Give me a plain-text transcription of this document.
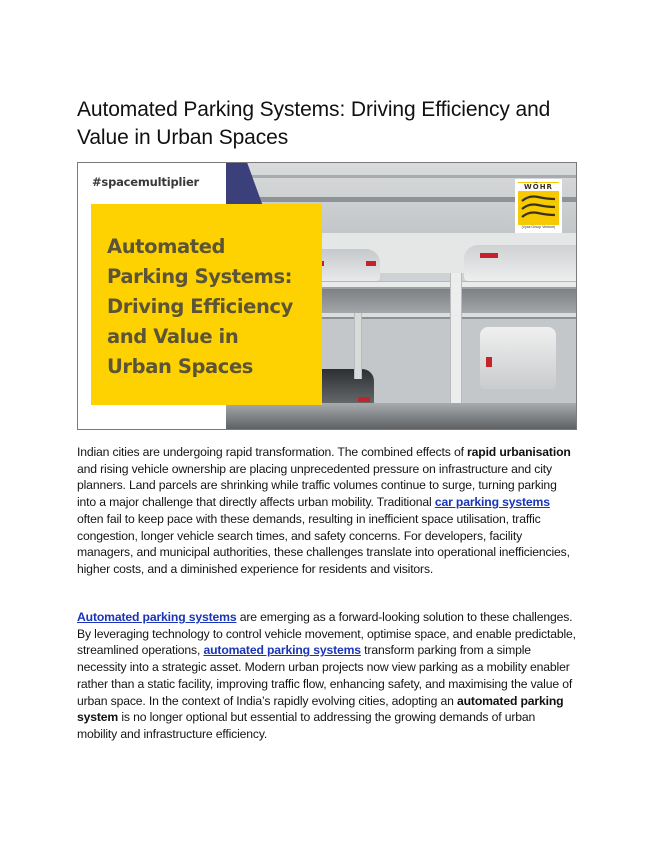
Automated Parking Systems: Driving Efficiency and Value in Urban Spaces
#spacemultiplier	WÖHR
(Vyas Group Venture)
Automated
Parking Systems:
Driving Efficiency
and Value in
Urban Spaces

Indian cities are undergoing rapid transformation. The combined effects of rapid urbanisation and rising vehicle ownership are placing unprecedented pressure on infrastructure and city planners. Land parcels are shrinking while traffic volumes continue to surge, turning parking into a major challenge that directly affects urban mobility. Traditional car parking systems often fail to keep pace with these demands, resulting in inefficient space utilisation, traffic congestion, longer vehicle search times, and safety concerns. For developers, facility managers, and municipal authorities, these challenges translate into operational inefficiencies, higher costs, and a diminished experience for residents and visitors.

Automated parking systems are emerging as a forward-looking solution to these challenges. By leveraging technology to control vehicle movement, optimise space, and enable predictable, streamlined operations, automated parking systems transform parking from a simple necessity into a strategic asset. Modern urban projects now view parking as a mobility enabler rather than a static facility, improving traffic flow, enhancing safety, and maximising the value of urban space. In the context of India’s rapidly evolving cities, adopting an automated parking system is no longer optional but essential to addressing the growing demands of urban mobility and infrastructure efficiency.
